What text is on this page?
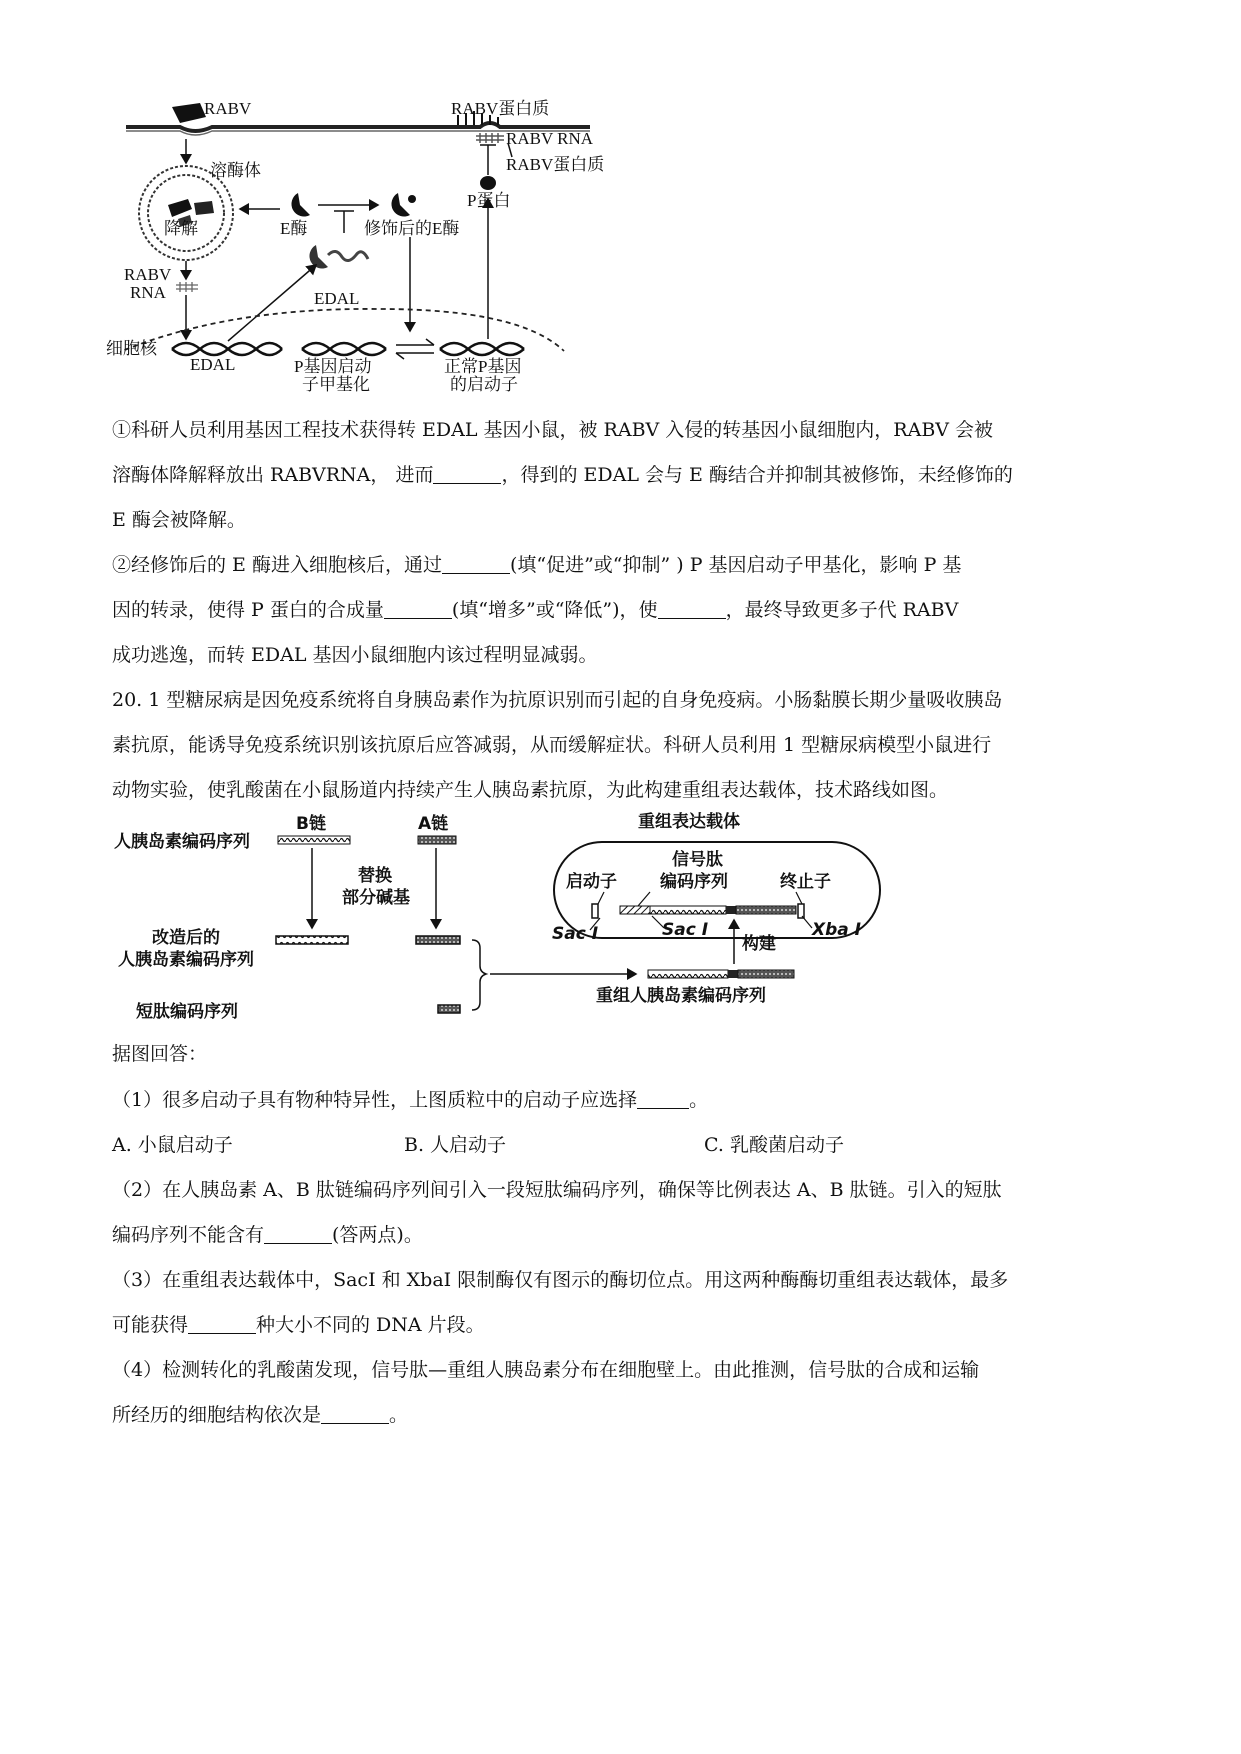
RABV	RABV蛋白质
RABV RNA
RABV蛋白质
溶酶体
降解	E酶	修饰后的E酶
P蛋白
RABV
RNA	EDAL
细胞核
EDAL	P基因启动
子甲基化
正常P基因
的启动子
①科研人员利用基因工程技术获得转 EDAL 基因小鼠，被 RABV 入侵的转基因小鼠细胞内，RABV 会被
溶酶体降解释放出 RABVRNA， 进而	，得到的 EDAL 会与 E 酶结合并抑制其被修饰，未经修饰的
E 酶会被降解。
②经修饰后的 E 酶进入细胞核后，通过	(填“促进”或“抑制” ) P 基因启动子甲基化，影响 P 基
因的转录，使得 P 蛋白的合成量	(填“增多”或“降低”)，使	，最终导致更多子代 RABV
成功逃逸，而转 EDAL 基因小鼠细胞内该过程明显减弱。
20. 1 型糖尿病是因免疫系统将自身胰岛素作为抗原识别而引起的自身免疫病。小肠黏膜长期少量吸收胰岛
素抗原，能诱导免疫系统识别该抗原后应答减弱，从而缓解症状。科研人员利用 1 型糖尿病模型小鼠进行
动物实验，使乳酸菌在小鼠肠道内持续产生人胰岛素抗原，为此构建重组表达载体，技术路线如图。
B链	A链
人胰岛素编码序列
替换
部分碱基
改造后的
人胰岛素编码序列
短肽编码序列
重组表达载体
启动子
信号肽
编码序列	终止子
Sac Ⅰ	Sac Ⅰ	Xba Ⅰ
构建
重组人胰岛素编码序列
据图回答：
（1）很多启动子具有物种特异性，上图质粒中的启动子应选择	。
A. 小鼠启动子	B. 人启动子	C. 乳酸菌启动子
（2）在人胰岛素 A、B 肽链编码序列间引入一段短肽编码序列，确保等比例表达 A、B 肽链。引入的短肽
编码序列不能含有	(答两点)。
（3）在重组表达载体中，SacI 和 XbaI 限制酶仅有图示的酶切位点。用这两种酶酶切重组表达载体，最多
可能获得	种大小不同的 DNA 片段。
（4）检测转化的乳酸菌发现，信号肽—重组人胰岛素分布在细胞壁上。由此推测，信号肽的合成和运输
所经历的细胞结构依次是	。
